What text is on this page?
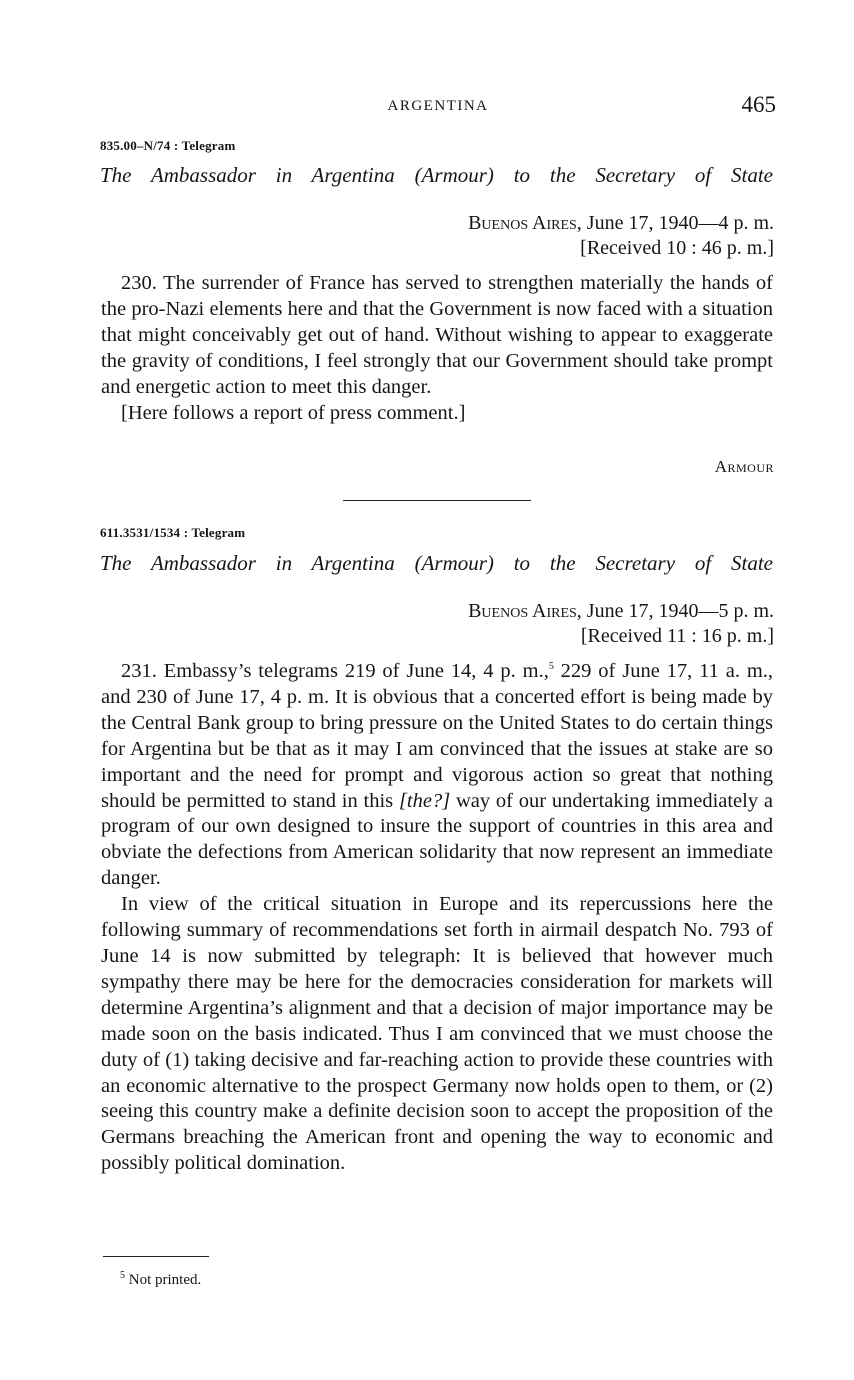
ARGENTINA	465
835.00–N/74 : Telegram
The Ambassador in Argentina (Armour) to the Secretary of State
Buenos Aires, June 17, 1940—4 p. m.
[Received 10 : 46 p. m.]

230. The surrender of France has served to strengthen materially the hands of the pro-Nazi elements here and that the Government is now faced with a situation that might conceivably get out of hand. Without wishing to appear to exaggerate the gravity of conditions, I feel strongly that our Government should take prompt and energetic action to meet this danger.

[Here follows a report of press comment.]

Armour
611.3531/1534 : Telegram
The Ambassador in Argentina (Armour) to the Secretary of State
Buenos Aires, June 17, 1940—5 p. m.
[Received 11 : 16 p. m.]

231. Embassy’s telegrams 219 of June 14, 4 p. m.,$^5$ 229 of June 17, 11 a. m., and 230 of June 17, 4 p. m. It is obvious that a concerted effort is being made by the Central Bank group to bring pressure on the United States to do certain things for Argentina but be that as it may I am convinced that the issues at stake are so important and the need for prompt and vigorous action so great that nothing should be permitted to stand in this [the?] way of our undertaking immediately a program of our own designed to insure the support of countries in this area and obviate the defections from American solidarity that now represent an immediate danger.

In view of the critical situation in Europe and its repercussions here the following summary of recommendations set forth in airmail despatch No. 793 of June 14 is now submitted by telegraph: It is believed that however much sympathy there may be here for the democracies consideration for markets will determine Argentina’s alignment and that a decision of major importance may be made soon on the basis indicated. Thus I am convinced that we must choose the duty of (1) taking decisive and far-reaching action to provide these countries with an economic alternative to the prospect Germany now holds open to them, or (2) seeing this country make a definite decision soon to accept the proposition of the Germans breaching the American front and opening the way to economic and possibly political domination.

$^5$ Not printed.
